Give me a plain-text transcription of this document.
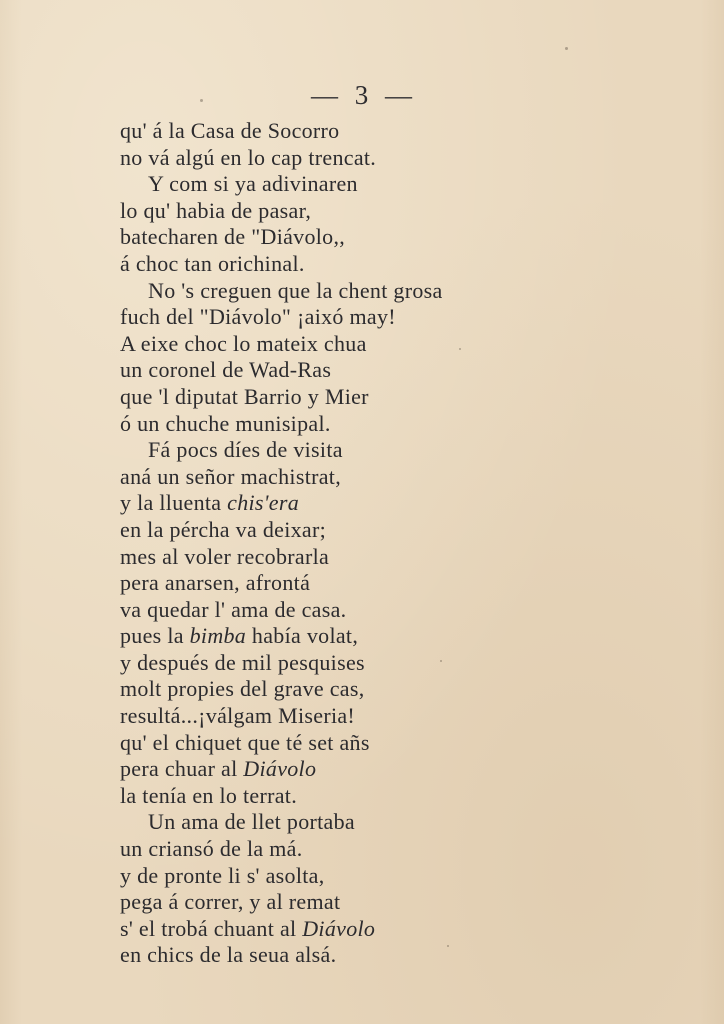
— 3 —
qu' á la Casa de Socorro
no vá algú en lo cap trencat.
Y com si ya adivinaren
lo qu' habia de pasar,
batecharen de "Diávolo,,
á choc tan orichinal.
No 's creguen que la chent grosa
fuch del "Diávolo" ¡aixó may!
A eixe choc lo mateix chua
un coronel de Wad-Ras
que 'l diputat Barrio y Mier
ó un chuche munisipal.
Fá pocs díes de visita
aná un señor machistrat,
y la lluenta chis'era
en la pércha va deixar;
mes al voler recobrarla
pera anarsen, afrontá
va quedar l' ama de casa.
pues la bimba había volat,
y después de mil pesquises
molt propies del grave cas,
resultá...¡válgam Miseria!
qu' el chiquet que té set añs
pera chuar al Diávolo
la tenía en lo terrat.
Un ama de llet portaba
un criansó de la má.
y de pronte li s' asolta,
pega á correr, y al remat
s' el trobá chuant al Diávolo
en chics de la seua alsá.
